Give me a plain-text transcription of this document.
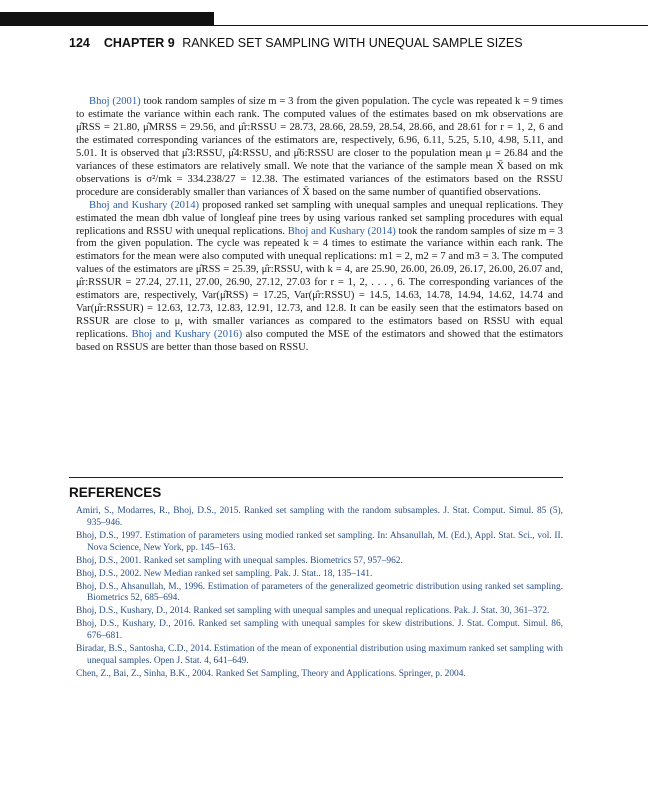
124 CHAPTER 9 RANKED SET SAMPLING WITH UNEQUAL SAMPLE SIZES

Bhoj (2001) took random samples of size m = 3 from the given population. The cycle was repeated k = 9 times to estimate the variance within each rank. The computed values of the estimates based on mk observations are μ̂RSS = 21.80, μ̂MRSS = 29.56, and μ̂r:RSSU = 28.73, 28.66, 28.59, 28.54, 28.66, and 28.61 for r = 1, 2, 6 and the estimated corresponding variances of the estimators are, respectively, 6.96, 6.11, 5.25, 5.10, 4.98, 5.11, and 5.01. It is observed that μ̂3:RSSU, μ̂4:RSSU, and μ̂6:RSSU are closer to the population mean μ = 26.84 and the variances of these estimators are relatively small. We note that the variance of the sample mean X̄ based on mk observations is σ²/mk = 334.238/27 = 12.38. The estimated variances of the estimators based on the RSSU procedure are considerably smaller than variances of X̄ based on the same number of quantified observations.

Bhoj and Kushary (2014) proposed ranked set sampling with unequal samples and unequal replications. They estimated the mean dbh value of longleaf pine trees by using various ranked set sampling procedures with equal replications and RSSU with unequal replications. Bhoj and Kushary (2014) took the random samples of size m = 3 from the given population. The cycle was repeated k = 4 times to estimate the variance within each rank. The estimators for the mean were also computed with unequal replications: m1 = 2, m2 = 7 and m3 = 3. The computed values of the estimators are μ̂RSS = 25.39, μ̂r:RSSU, with k = 4, are 25.90, 26.00, 26.09, 26.17, 26.00, 26.07 and, μ̂r:RSSUR = 27.24, 27.11, 27.00, 26.90, 27.12, 27.03 for r = 1, 2, . . . , 6. The corresponding variances of the estimators are, respectively, Var(μ̂RSS) = 17.25, Var(μ̂r:RSSU) = 14.5, 14.63, 14.78, 14.94, 14.62, 14.74 and Var(μ̂r:RSSUR) = 12.63, 12.73, 12.83, 12.91, 12.73, and 12.8. It can be easily seen that the estimators based on RSSUR are close to μ, with smaller variances as compared to the estimators based on RSSU with equal replications. Bhoj and Kushary (2016) also computed the MSE of the estimators and showed that the estimators based on RSSUS are better than those based on RSSU.

REFERENCES

Amiri, S., Modarres, R., Bhoj, D.S., 2015. Ranked set sampling with the random subsamples. J. Stat. Comput. Simul. 85 (5), 935–946.

Bhoj, D.S., 1997. Estimation of parameters using modied ranked set sampling. In: Ahsanullah, M. (Ed.), Appl. Stat. Sci., vol. II. Nova Science, New York, pp. 145–163.

Bhoj, D.S., 2001. Ranked set sampling with unequal samples. Biometrics 57, 957–962.

Bhoj, D.S., 2002. New Median ranked set sampling. Pak. J. Stat.. 18, 135–141.

Bhoj, D.S., Ahsanullah, M., 1996. Estimation of parameters of the generalized geometric distribution using ranked set sampling. Biometrics 52, 685–694.

Bhoj, D.S., Kushary, D., 2014. Ranked set sampling with unequal samples and unequal replications. Pak. J. Stat. 30, 361–372.

Bhoj, D.S., Kushary, D., 2016. Ranked set sampling with unequal samples for skew distributions. J. Stat. Comput. Simul. 86, 676–681.

Biradar, B.S., Santosha, C.D., 2014. Estimation of the mean of exponential distribution using maximum ranked set sampling with unequal samples. Open J. Stat. 4, 641–649.

Chen, Z., Bai, Z., Sinha, B.K., 2004. Ranked Set Sampling, Theory and Applications. Springer, p. 2004.
